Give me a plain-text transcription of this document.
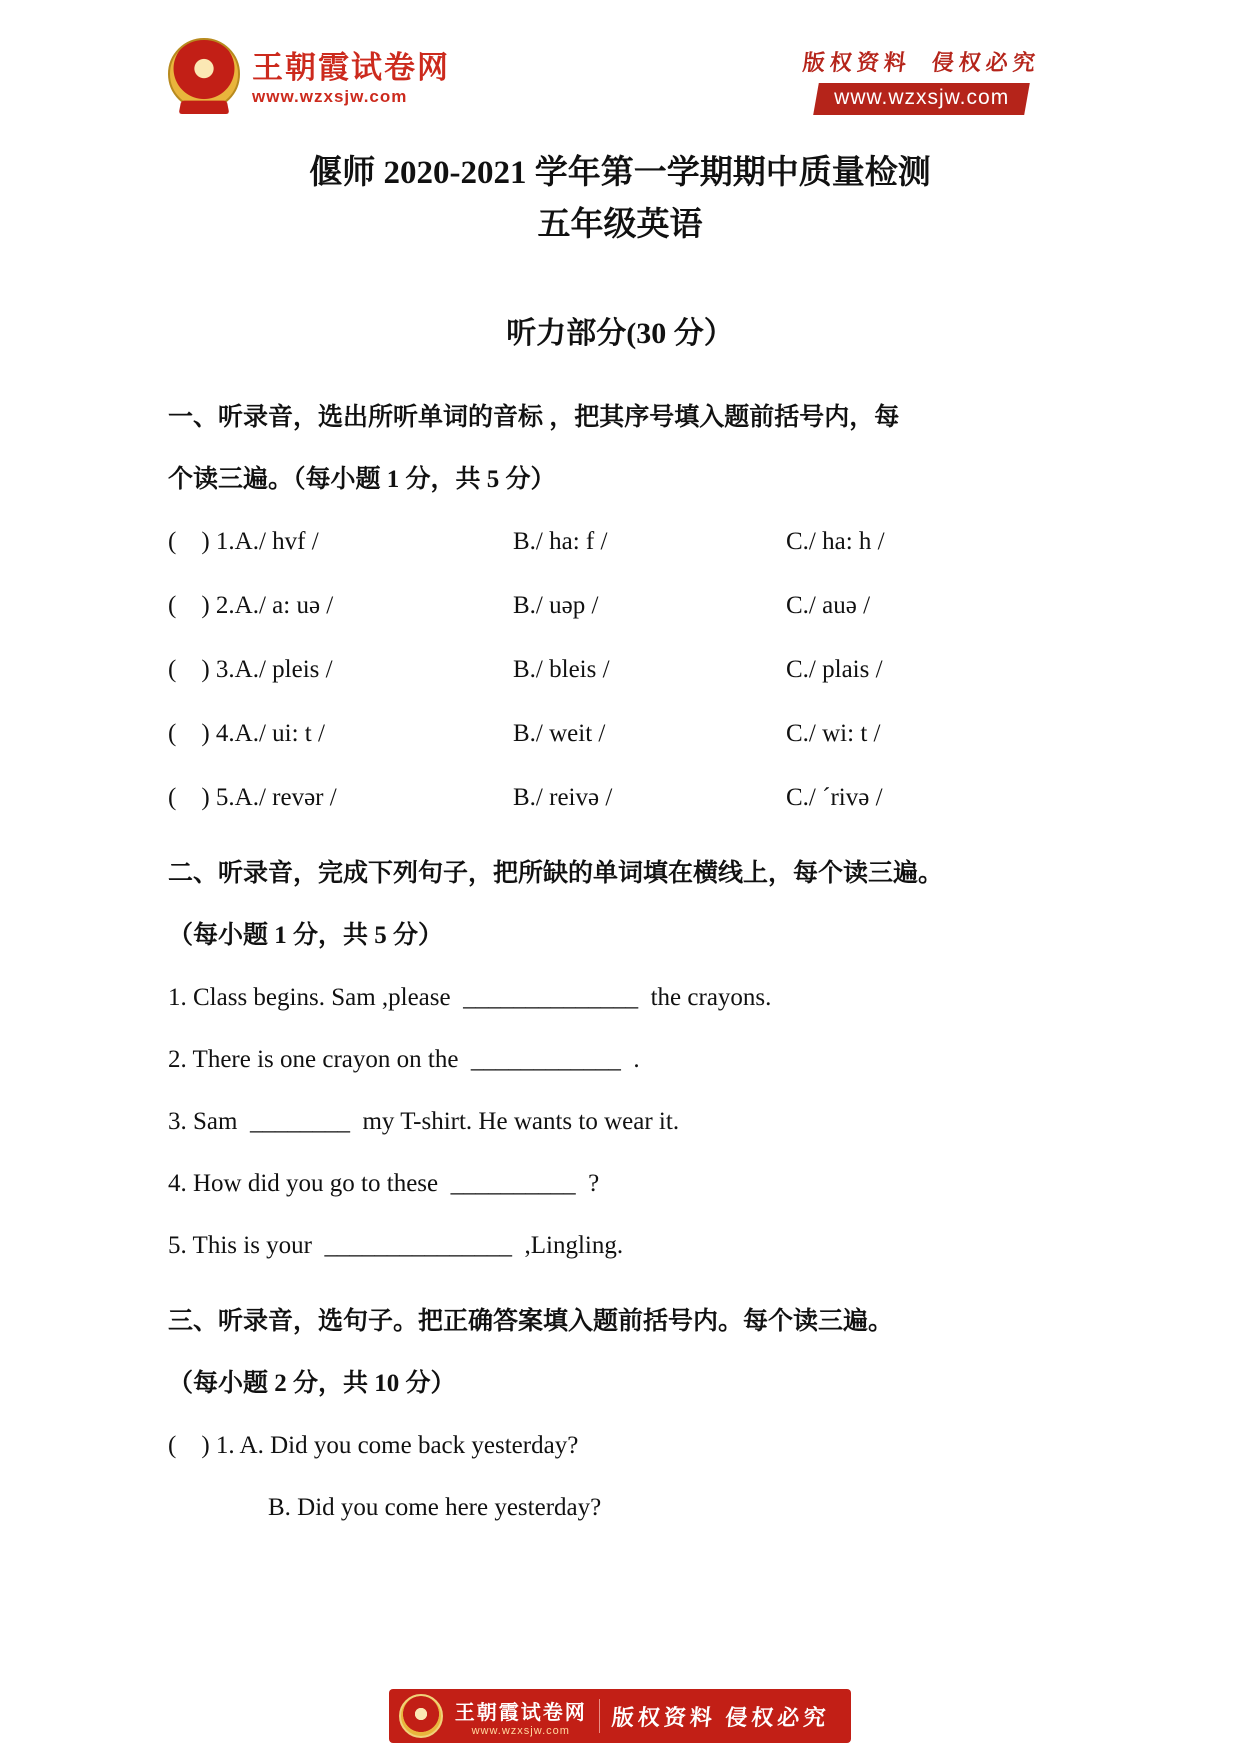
王朝霞试卷网
www.wzxsjw.com
版权资料  侵权必究
www.wzxsjw.com
偃师 2020-2021 学年第一学期期中质量检测
五年级英语
听力部分(30 分）
一、听录音，选出所听单词的音标 ，把其序号填入题前括号内，每
个读三遍。（每小题 1 分，共 5 分）
(    ) 1.A./ hvf /	B./ ha: f /	C./ ha: h /
(    ) 2.A./ a: uə /	B./ uəp /	C./ auə /
(    ) 3.A./ pleis /	B./ bleis /	C./ plais /
(    ) 4.A./ ui: t /	B./ weit /	C./ wi: t /
(    ) 5.A./ revər /	B./ reivə /	C./ ´rivə /
二、听录音，完成下列句子，把所缺的单词填在横线上，每个读三遍。
（每小题 1 分，共 5 分）
1. Class begins. Sam ,please  ______________  the crayons.
2. There is one crayon on the  ____________  .
3. Sam  ________  my T-shirt. He wants to wear it.
4. How did you go to these  __________  ?
5. This is your  _______________  ,Lingling.
三、听录音，选句子。把正确答案填入题前括号内。每个读三遍。
（每小题 2 分，共 10 分）
(    ) 1. A. Did you come back yesterday?
B. Did you come here yesterday?
王朝霞试卷网
www.wzxsjw.com
版权资料 侵权必究
